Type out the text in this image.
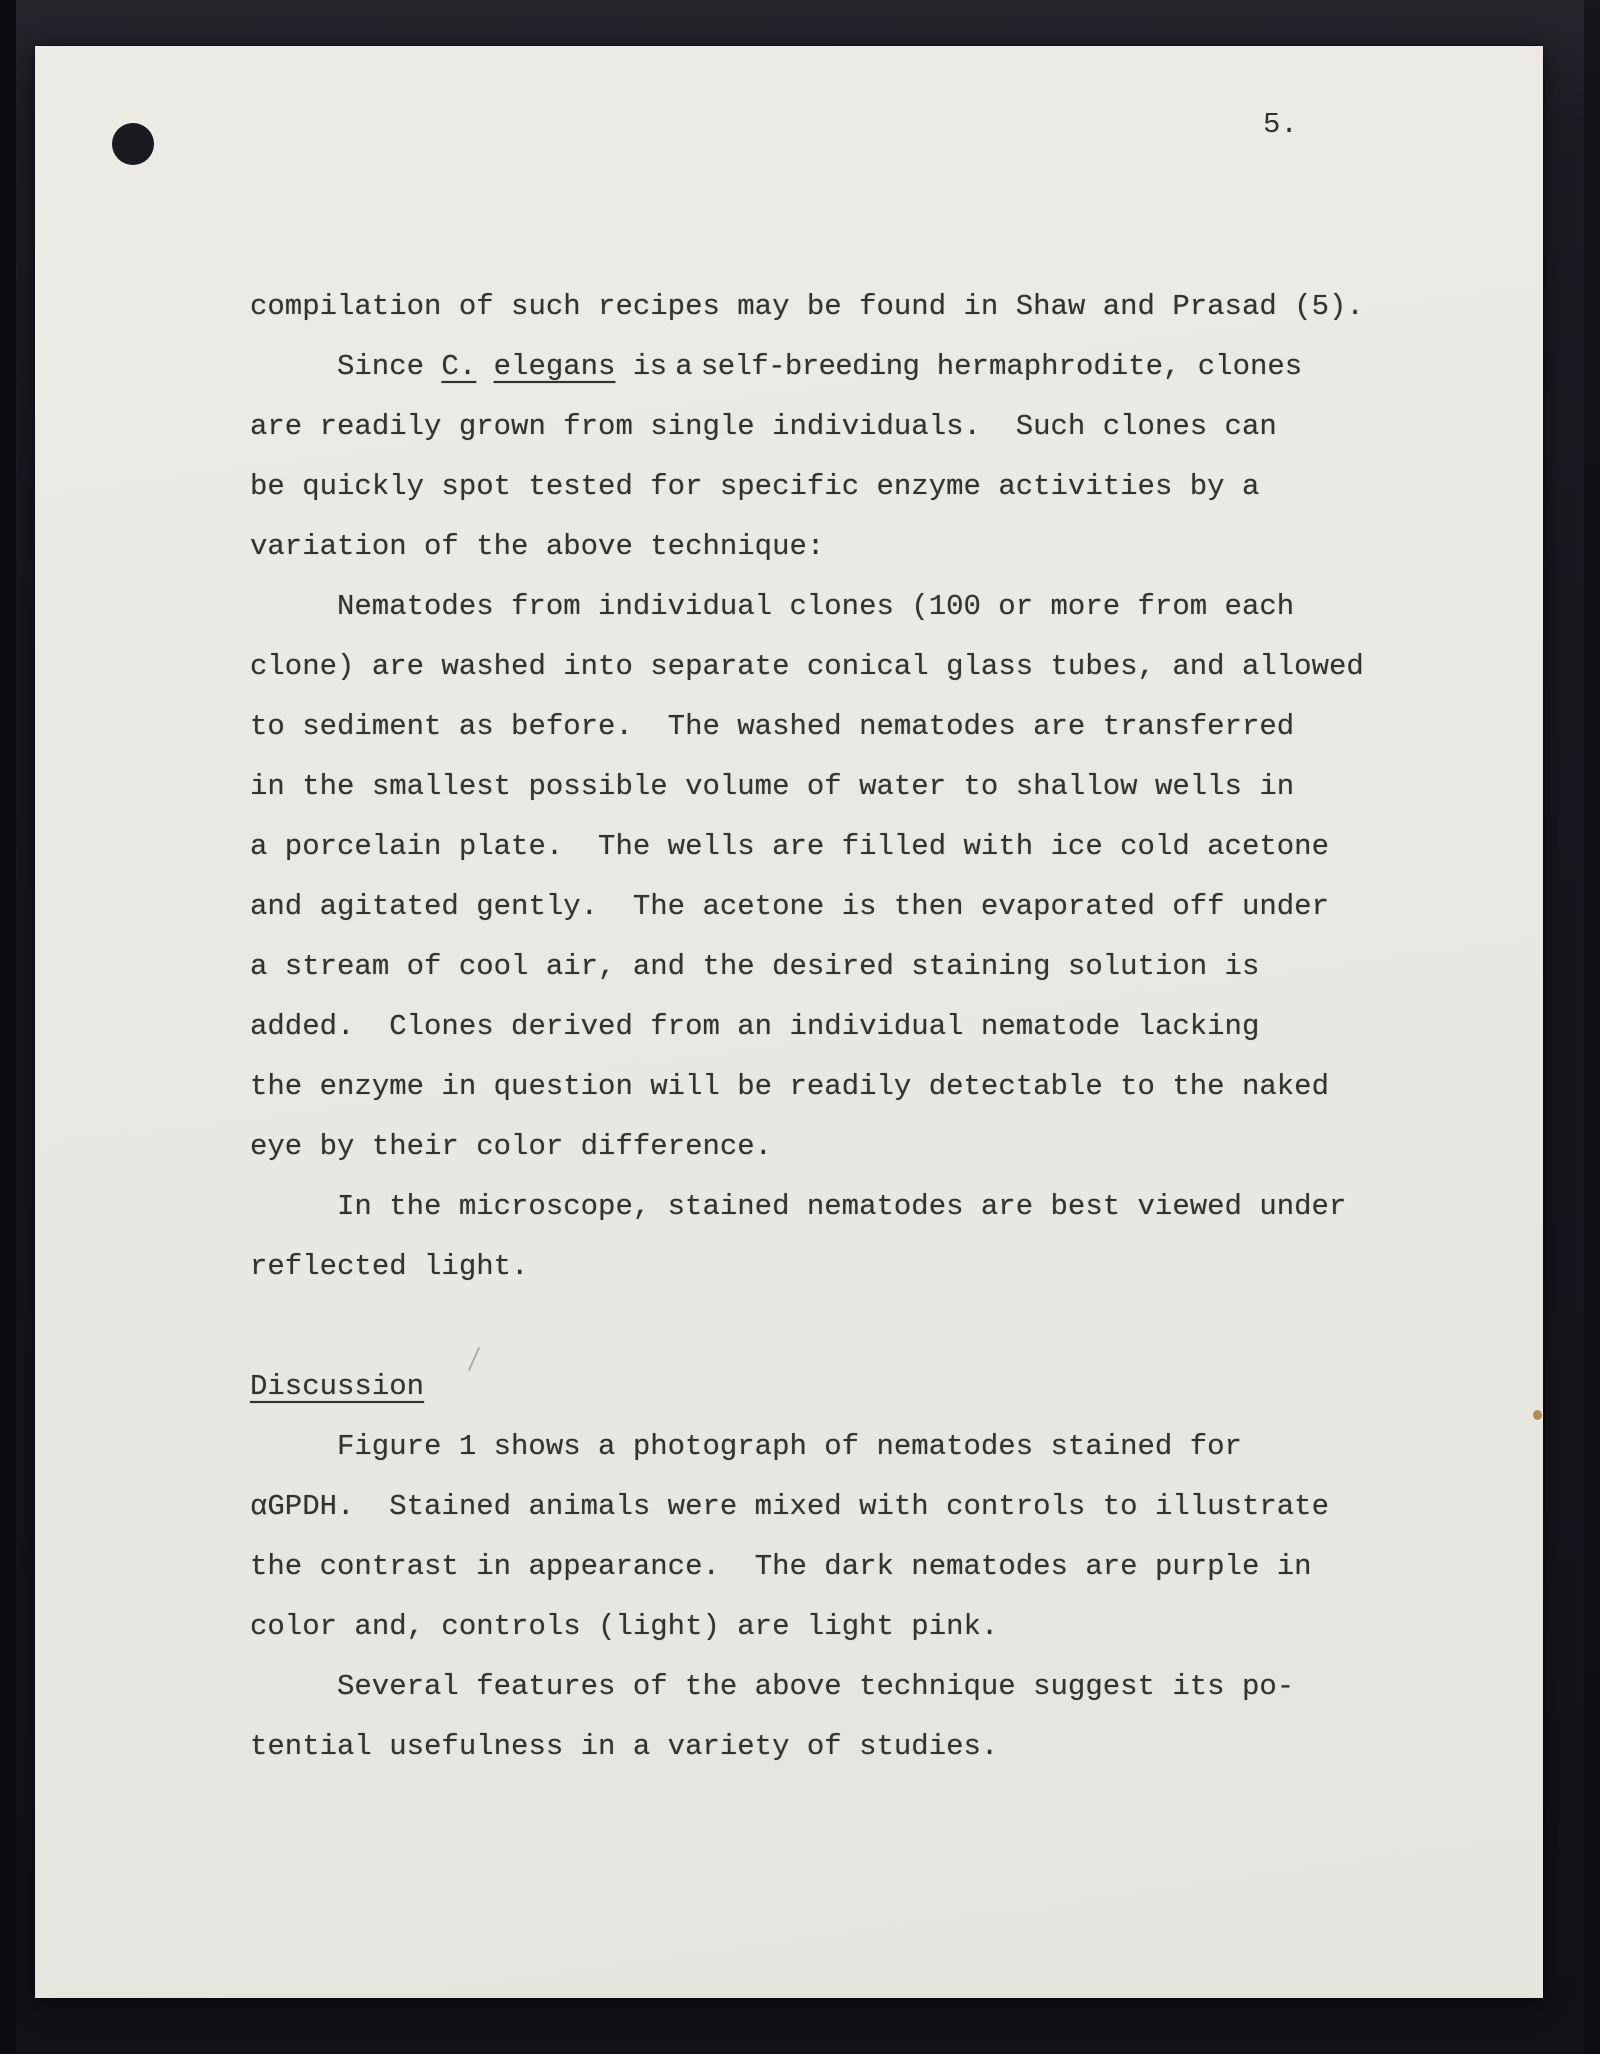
5.
compilation of such recipes may be found in Shaw and Prasad (5).
Since C. elegans is a self-breeding hermaphrodite, clones
are readily grown from single individuals.  Such clones can
be quickly spot tested for specific enzyme activities by a
variation of the above technique:
Nematodes from individual clones (100 or more from each
clone) are washed into separate conical glass tubes, and allowed
to sediment as before.  The washed nematodes are transferred
in the smallest possible volume of water to shallow wells in
a porcelain plate.  The wells are filled with ice cold acetone
and agitated gently.  The acetone is then evaporated off under
a stream of cool air, and the desired staining solution is
added.  Clones derived from an individual nematode lacking
the enzyme in question will be readily detectable to the naked
eye by their color difference.
In the microscope, stained nematodes are best viewed under
reflected light.
Discussion
Figure 1 shows a photograph of nematodes stained for
αGPDH.  Stained animals were mixed with controls to illustrate
the contrast in appearance.  The dark nematodes are purple in
color and, controls (light) are light pink.
Several features of the above technique suggest its po-
tential usefulness in a variety of studies.
